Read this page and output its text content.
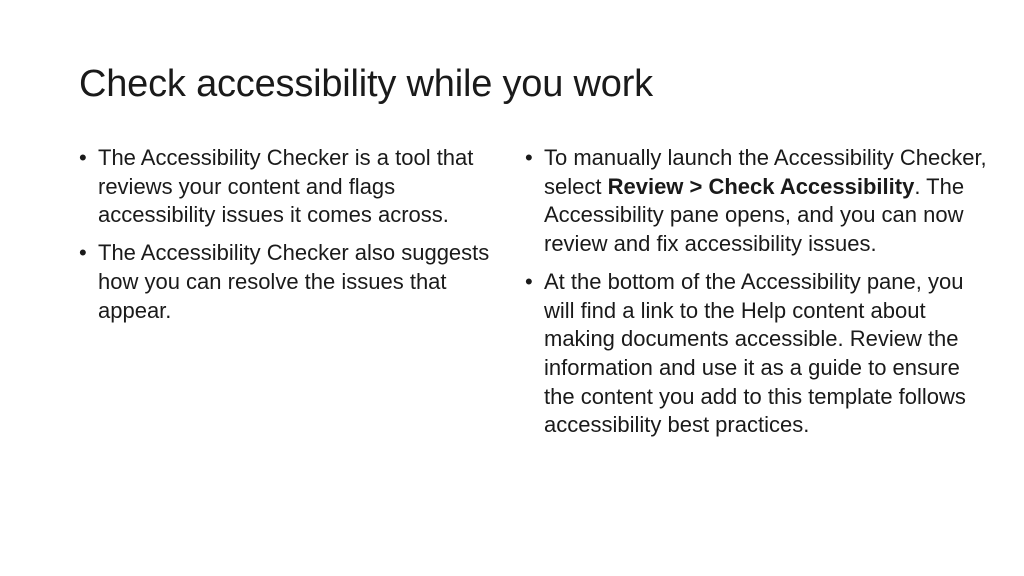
Check accessibility while you work
• The Accessibility Checker is a tool that reviews your content and flags accessibility issues it comes across.
• The Accessibility Checker also suggests how you can resolve the issues that appear.
• To manually launch the Accessibility Checker, select Review > Check Accessibility. The Accessibility pane opens, and you can now review and fix accessibility issues.
• At the bottom of the Accessibility pane, you will find a link to the Help content about making documents accessible. Review the information and use it as a guide to ensure the content you add to this template follows accessibility best practices.
